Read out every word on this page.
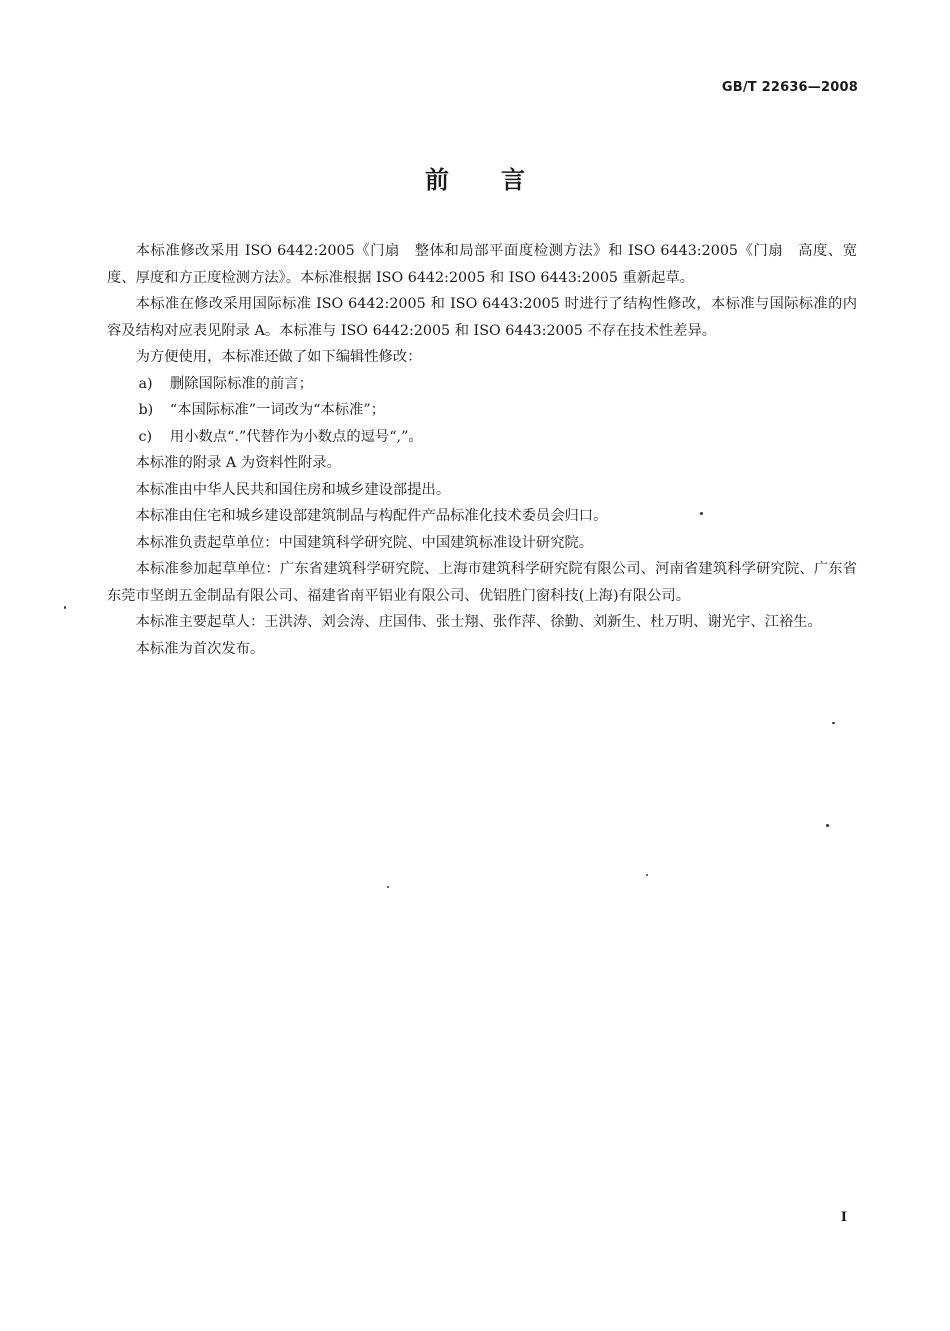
GB/T 22636—2008
前言

本标准修改采用 ISO 6442:2005《门扇　整体和局部平面度检测方法》和 ISO 6443:2005《门扇　高度、宽度、厚度和方正度检测方法》。本标准根据 ISO 6442:2005 和 ISO 6443:2005 重新起草。

本标准在修改采用国际标准 ISO 6442:2005 和 ISO 6443:2005 时进行了结构性修改，本标准与国际标准的内容及结构对应表见附录 A。本标准与 ISO 6442:2005 和 ISO 6443:2005 不存在技术性差异。

为方便使用，本标准还做了如下编辑性修改：

a) 删除国际标准的前言；

b) “本国际标准”一词改为“本标准”；

c) 用小数点“.”代替作为小数点的逗号“,”。

本标准的附录 A 为资料性附录。

本标准由中华人民共和国住房和城乡建设部提出。

本标准由住宅和城乡建设部建筑制品与构配件产品标准化技术委员会归口。

本标准负责起草单位：中国建筑科学研究院、中国建筑标准设计研究院。

本标准参加起草单位：广东省建筑科学研究院、上海市建筑科学研究院有限公司、河南省建筑科学研究院、广东省东莞市坚朗五金制品有限公司、福建省南平铝业有限公司、优铝胜门窗科技(上海)有限公司。

本标准主要起草人：王洪涛、刘会涛、庄国伟、张士翔、张作萍、徐勤、刘新生、杜万明、谢光宇、江裕生。

本标准为首次发布。

I
